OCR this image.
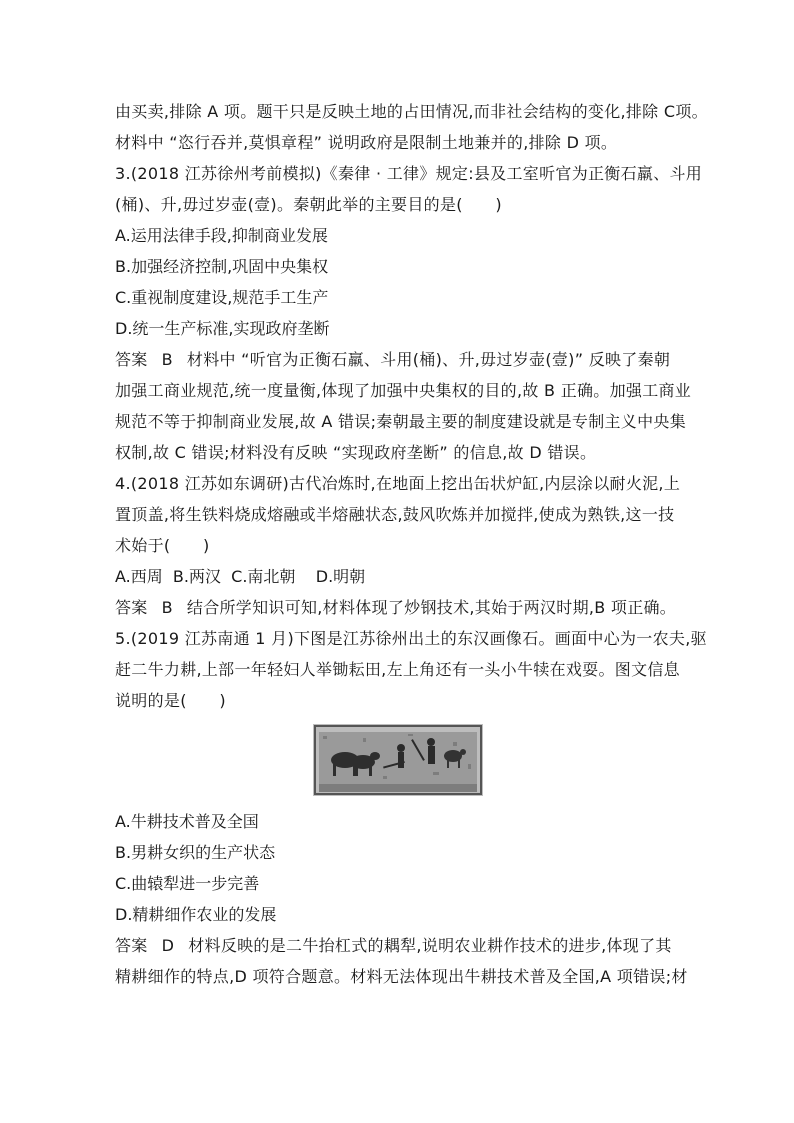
由买卖,排除 A 项。题干只是反映土地的占田情况,而非社会结构的变化,排除 C项。
材料中 “恣行吞并,莫惧章程” 说明政府是限制土地兼并的,排除 D 项。
3.(2018 江苏徐州考前模拟)《秦律 · 工律》规定:县及工室听官为正衡石羸、斗用
(桶)、升,毋过岁壶(壹)。秦朝此举的主要目的是(　　)
A.运用法律手段,抑制商业发展
B.加强经济控制,巩固中央集权
C.重视制度建设,规范手工生产
D.统一生产标准,实现政府垄断
答案 B 材料中 “听官为正衡石羸、斗用(桶)、升,毋过岁壶(壹)” 反映了秦朝
加强工商业规范,统一度量衡,体现了加强中央集权的目的,故 B 正确。加强工商业
规范不等于抑制商业发展,故 A 错误;秦朝最主要的制度建设就是专制主义中央集
权制,故 C 错误;材料没有反映 “实现政府垄断” 的信息,故 D 错误。
4.(2018 江苏如东调研)古代冶炼时,在地面上挖出缶状炉缸,内层涂以耐火泥,上
置顶盖,将生铁料烧成熔融或半熔融状态,鼓风吹炼并加搅拌,使成为熟铁,这一技
术始于(　　)
A.西周  B.两汉  C.南北朝    D.明朝
答案 B 结合所学知识可知,材料体现了炒钢技术,其始于两汉时期,B 项正确。
5.(2019 江苏南通 1 月)下图是江苏徐州出土的东汉画像石。画面中心为一农夫,驱
赶二牛力耕,上部一年轻妇人举锄耘田,左上角还有一头小牛犊在戏耍。图文信息
说明的是(　　)
A.牛耕技术普及全国
B.男耕女织的生产状态
C.曲辕犁进一步完善
D.精耕细作农业的发展
答案 D 材料反映的是二牛抬杠式的耦犁,说明农业耕作技术的进步,体现了其
精耕细作的特点,D 项符合题意。材料无法体现出牛耕技术普及全国,A 项错误;材
